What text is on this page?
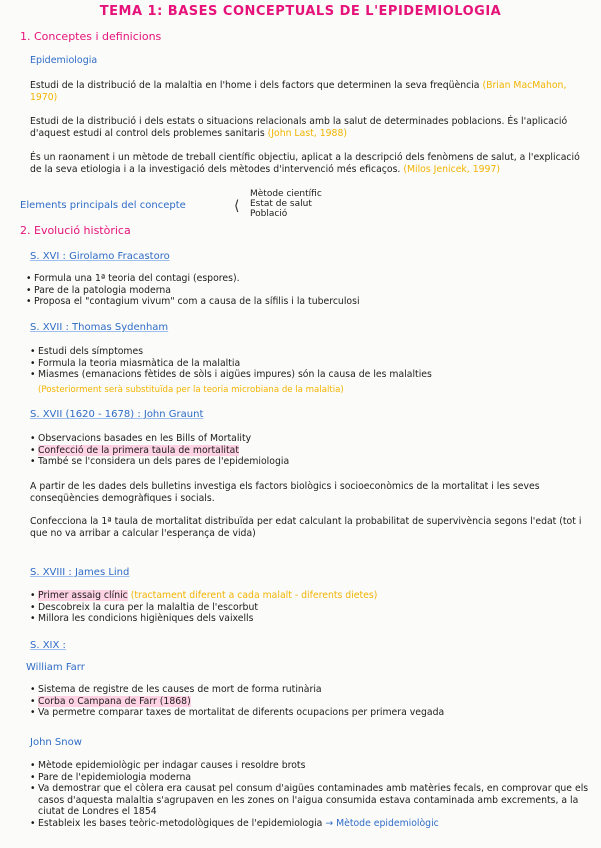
TEMA 1: BASES CONCEPTUALS DE L'EPIDEMIOLOGIA
1. Conceptes i definicions
Epidemiologia
Estudi de la distribució de la malaltia en l'home i dels factors que determinen la seva freqüència (Brian MacMahon, 1970)
Estudi de la distribució i dels estats o situacions relacionals amb la salut de determinades poblacions. És l'aplicació d'aquest estudi al control dels problemes sanitaris (John Last, 1988)
És un raonament i un mètode de treball científic objectiu, aplicat a la descripció dels fenòmens de salut, a l'explicació de la seva etiologia i a la investigació dels mètodes d'intervenció més eficaços. (Milos Jenicek, 1997)
Elements principals del concepte	⟨
Mètode científic
Estat de salut
Població
2. Evolució històrica
S. XVI : Girolamo Fracastoro
• Formula una 1ª teoria del contagi (espores).
• Pare de la patologia moderna
• Proposa el "contagium vivum" com a causa de la sífilis i la tuberculosi
S. XVII : Thomas Sydenham
• Estudi dels símptomes
• Formula la teoria miasmàtica de la malaltia
• Miasmes (emanacions fètides de sòls i aigües impures) són la causa de les malalties
(Posteriorment serà substituïda per la teoria microbiana de la malaltia)
S. XVII (1620 - 1678) : John Graunt
• Observacions basades en les Bills of Mortality
• Confecció de la primera taula de mortalitat
• També se l'considera un dels pares de l'epidemiologia
A partir de les dades dels bulletins investiga els factors biològics i socioeconòmics de la mortalitat i les seves conseqüències demogràfiques i socials.
Confecciona la 1ª taula de mortalitat distribuïda per edat calculant la probabilitat de supervivència segons l'edat (tot i que no va arribar a calcular l'esperança de vida)
S. XVIII : James Lind
• Primer assaig clínic (tractament diferent a cada malalt - diferents dietes)
• Descobreix la cura per la malaltia de l'escorbut
• Millora les condicions higièniques dels vaixells
S. XIX :
William Farr
• Sistema de registre de les causes de mort de forma rutinària
• Corba o Campana de Farr (1868)
• Va permetre comparar taxes de mortalitat de diferents ocupacions per primera vegada
John Snow
• Mètode epidemiològic per indagar causes i resoldre brots
• Pare de l'epidemiologia moderna
• Va demostrar que el còlera era causat pel consum d'aigües contaminades amb matèries fecals, en comprovar que els casos d'aquesta malaltia s'agrupaven en les zones on l'aigua consumida estava contaminada amb excrements, a la ciutat de Londres el 1854
• Estableix les bases teòric-metodològiques de l'epidemiologia → Mètode epidemiològic
